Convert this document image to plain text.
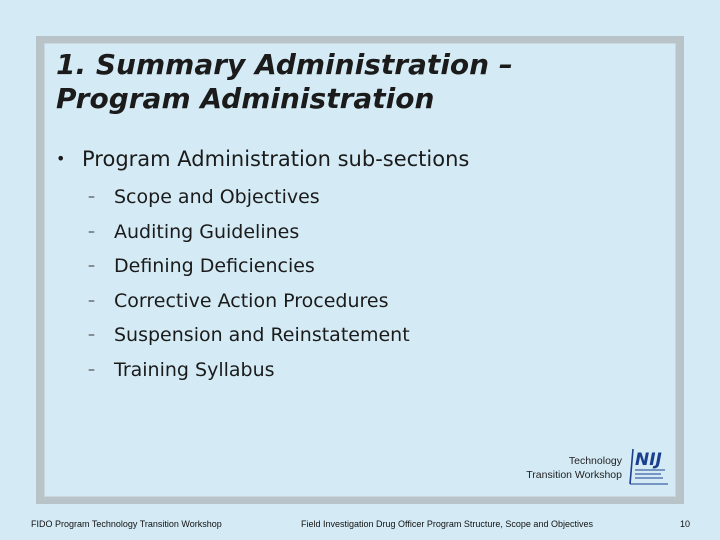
1. Summary Administration –
Program Administration
• Program Administration sub-sections
– Scope and Objectives
– Auditing Guidelines
– Defining Deficiencies
– Corrective Action Procedures
– Suspension and Reinstatement
– Training Syllabus
Technology
Transition Workshop
NIJ
FIDO Program Technology Transition Workshop	Field Investigation Drug Officer Program Structure, Scope and Objectives	10
